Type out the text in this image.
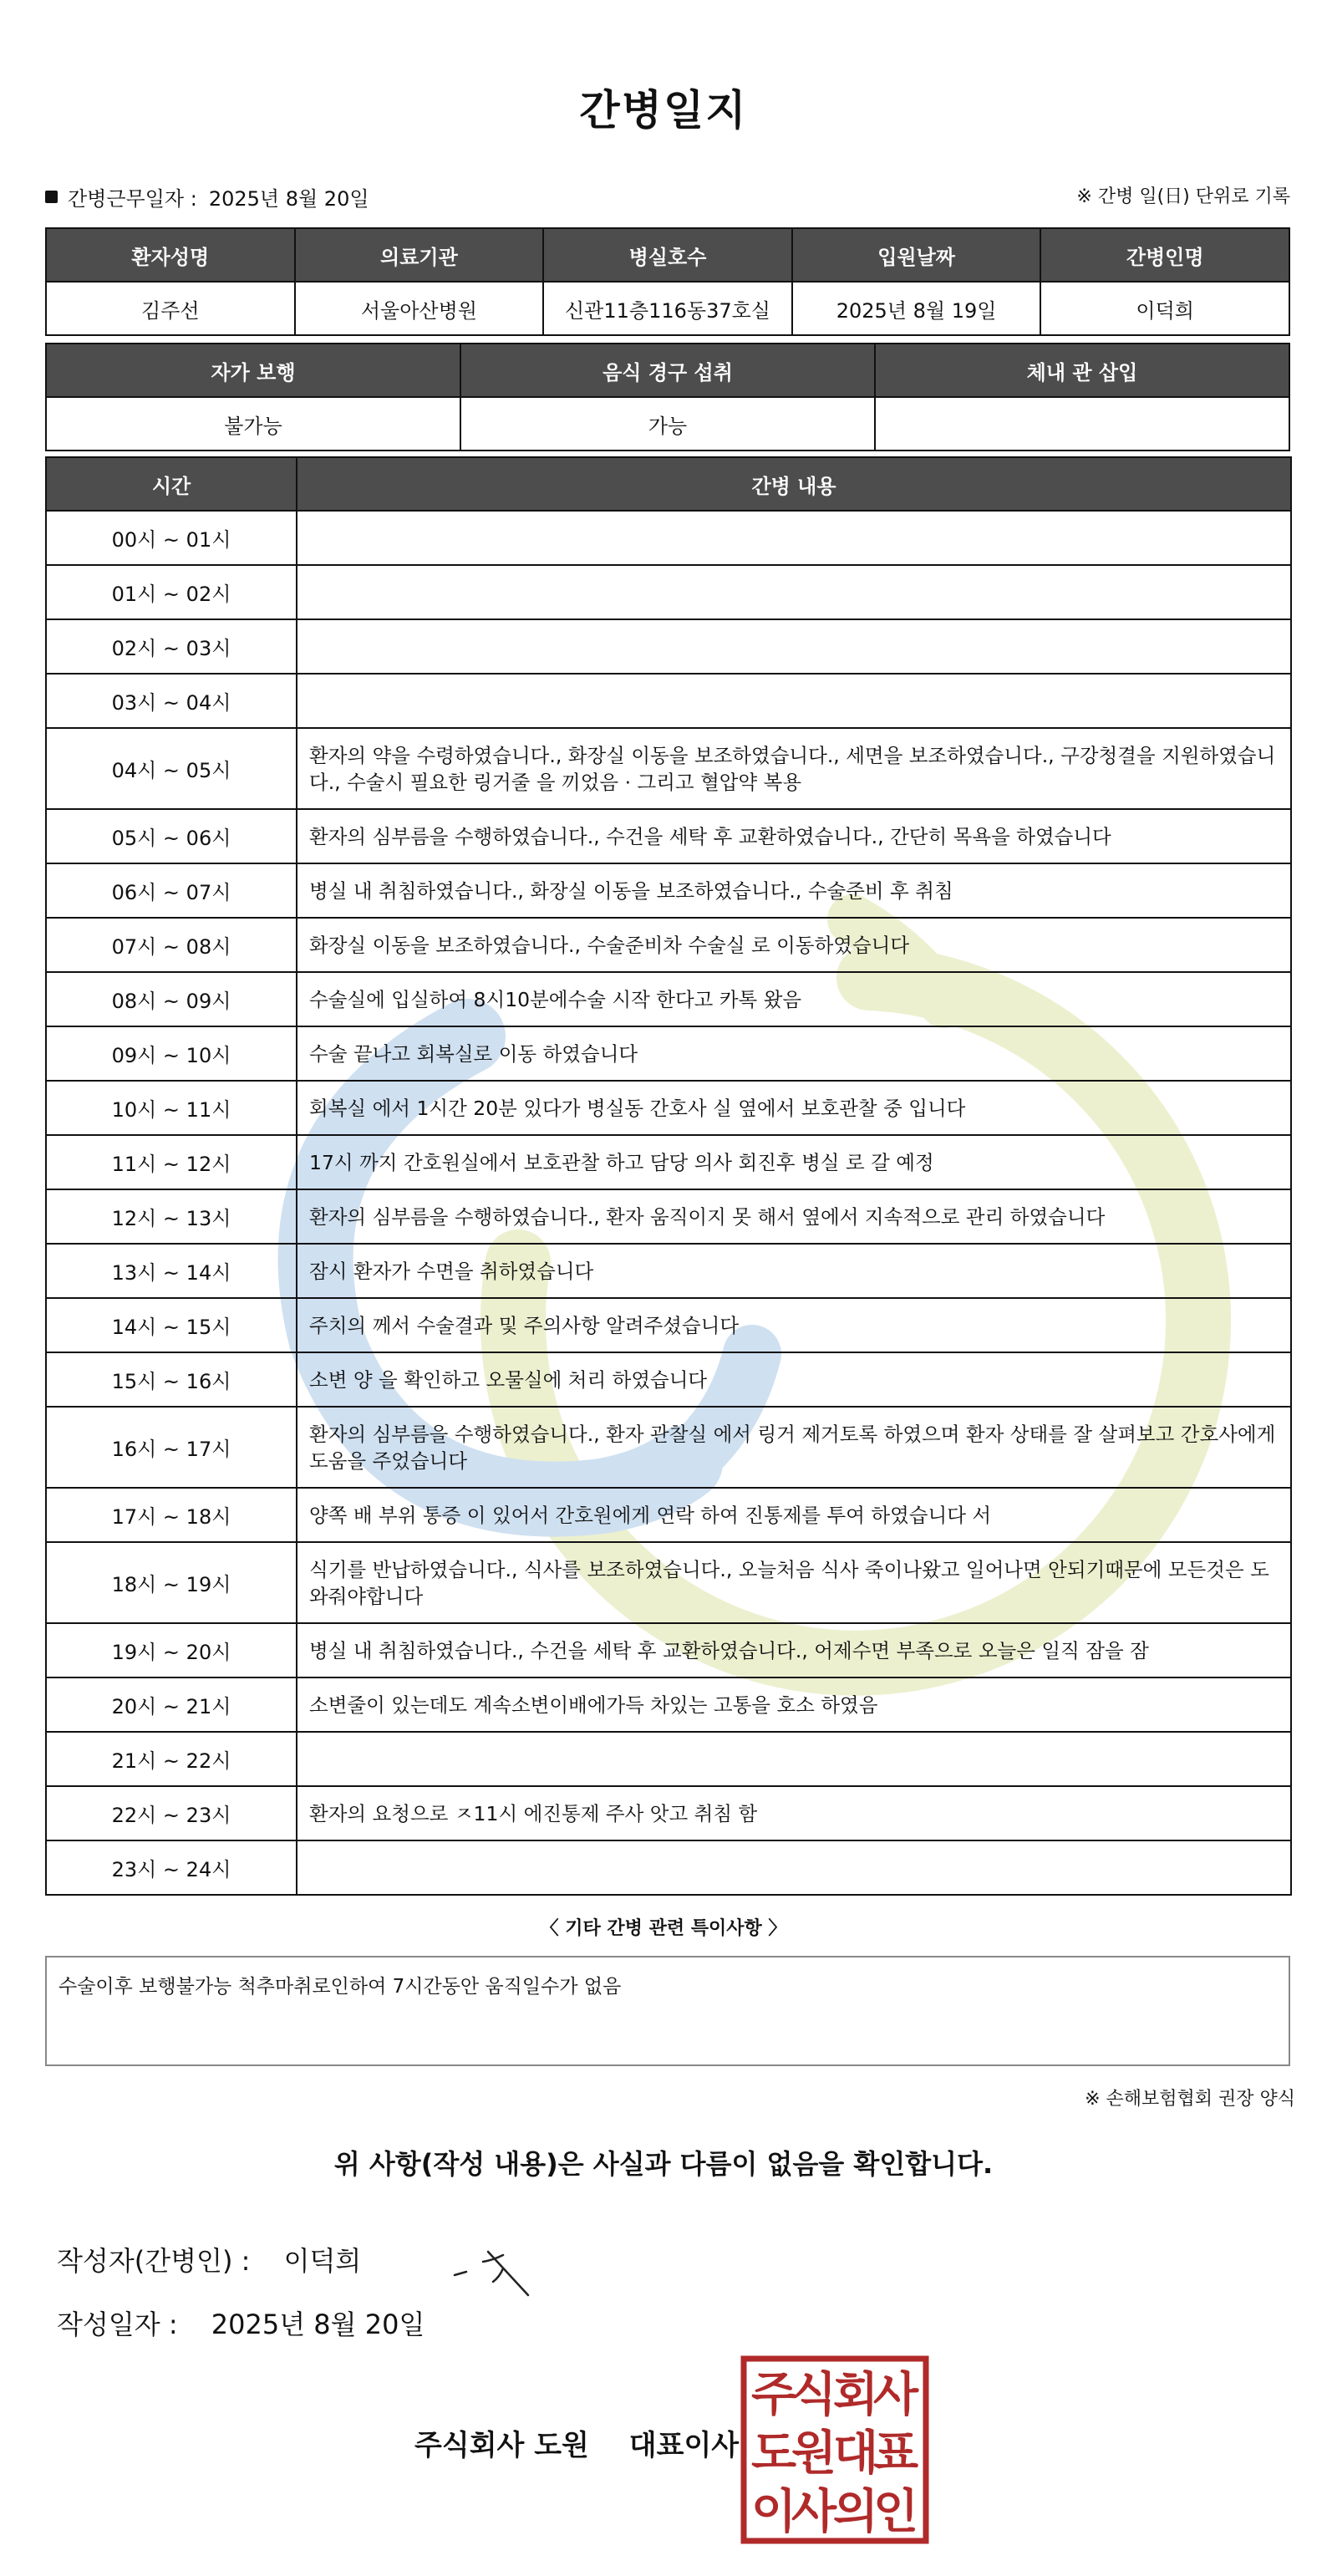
간병일지
간병근무일자 : 2025년 8월 20일	※ 간병 일(日) 단위로 기록
환자성명	의료기관	병실호수	입원날짜	간병인명
김주선	서울아산병원	신관11층116동37호실	2025년 8월 19일	이덕희
자가 보행	음식 경구 섭취	체내 관 삽입
불가능	가능	
시간	간병 내용
00시 ~ 01시	
01시 ~ 02시	
02시 ~ 03시	
03시 ~ 04시	
04시 ~ 05시	환자의 약을 수령하였습니다., 화장실 이동을 보조하였습니다., 세면을 보조하였습니다., 구강청결을 지원하였습니다., 수술시 필요한 링거줄 을 끼었음 · 그리고 혈압약 복용
05시 ~ 06시	환자의 심부름을 수행하였습니다., 수건을 세탁 후 교환하였습니다., 간단히 목욕을 하였습니다
06시 ~ 07시	병실 내 취침하였습니다., 화장실 이동을 보조하였습니다., 수술준비 후 취침
07시 ~ 08시	화장실 이동을 보조하였습니다., 수술준비차 수술실 로 이동하였습니다
08시 ~ 09시	수술실에 입실하여 8시10분에수술 시작 한다고 카톡 왔음
09시 ~ 10시	수술 끝나고 회복실로 이동 하였습니다
10시 ~ 11시	회복실 에서 1시간 20분 있다가 병실동 간호사 실 옆에서 보호관찰 중 입니다
11시 ~ 12시	17시 까지 간호원실에서 보호관찰 하고 담당 의사 회진후 병실 로 갈 예정
12시 ~ 13시	환자의 심부름을 수행하였습니다., 환자 움직이지 못 해서 옆에서 지속적으로 관리 하였습니다
13시 ~ 14시	잠시 환자가 수면을 취하였습니다
14시 ~ 15시	주치의 께서 수술결과 및 주의사항 알려주셨습니다
15시 ~ 16시	소변 양 을 확인하고 오물실에 처리 하였습니다
16시 ~ 17시	환자의 심부름을 수행하였습니다., 환자 관찰실 에서 링거 제거토록 하였으며 환자 상태를 잘 살펴보고 간호사에게 도움을 주었습니다
17시 ~ 18시	양쪽 배 부위 통증 이 있어서 간호원에게 연락 하여 진통제를 투여 하였습니다 서
18시 ~ 19시	식기를 반납하였습니다., 식사를 보조하였습니다., 오늘처음 식사 죽이나왔고 일어나면 안되기때문에 모든것은 도와줘야합니다
19시 ~ 20시	병실 내 취침하였습니다., 수건을 세탁 후 교환하였습니다., 어제수면 부족으로 오늘은 일직 잠을 잠
20시 ~ 21시	소변줄이 있는데도 계속소변이배에가득 차있는 고통을 호소 하였음
21시 ~ 22시	
22시 ~ 23시	환자의 요청으로 ㅈ11시 에진통제 주사 앗고 취침 함
23시 ~ 24시	
〈 기타 간병 관련 특이사항 〉
수술이후 보행불가능 척추마취로인하여 7시간동안 움직일수가 없음
※ 손해보험협회 권장 양식
위 사항(작성 내용)은 사실과 다름이 없음을 확인합니다.
작성자(간병인) : 이덕희
작성일자 : 2025년 8월 20일
주식회사 도원 대표이사
주
식
회
사
도
원
대
표
이
사
의
인
